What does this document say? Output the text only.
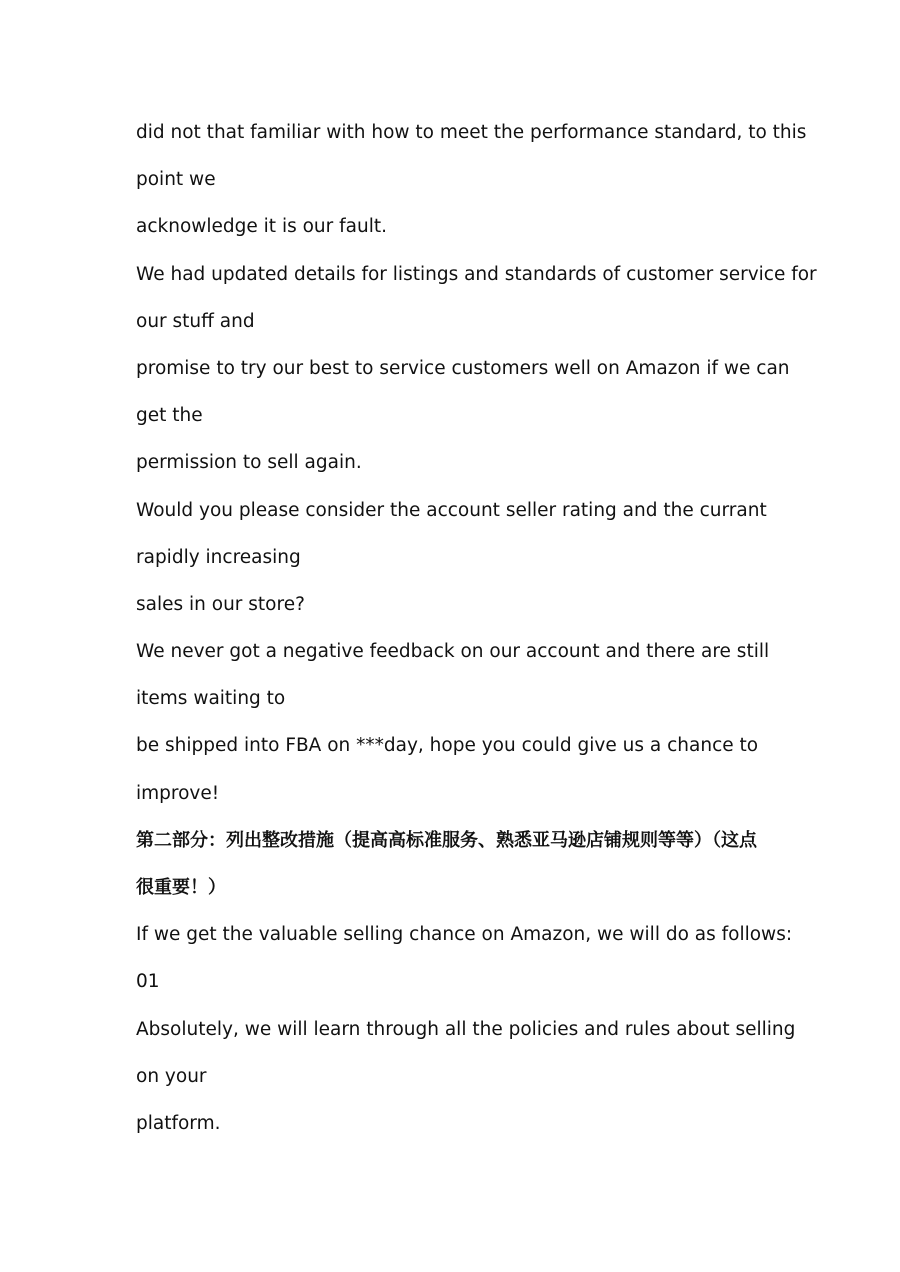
did not that familiar with how to meet the performance standard, to this
point we
acknowledge it is our fault.
We had updated details for listings and standards of customer service for
our stuff and
promise to try our best to service customers well on Amazon if we can
get the
permission to sell again.
Would you please consider the account seller rating and the currant
rapidly increasing
sales in our store?
We never got a negative feedback on our account and there are still
items waiting to
be shipped into FBA on ***day, hope you could give us a chance to
improve!
第二部分：列出整改措施（提高高标准服务、熟悉亚马逊店铺规则等等）（这点
很重要！）
If we get the valuable selling chance on Amazon, we will do as follows:
01
Absolutely, we will learn through all the policies and rules about selling
on your
platform.
